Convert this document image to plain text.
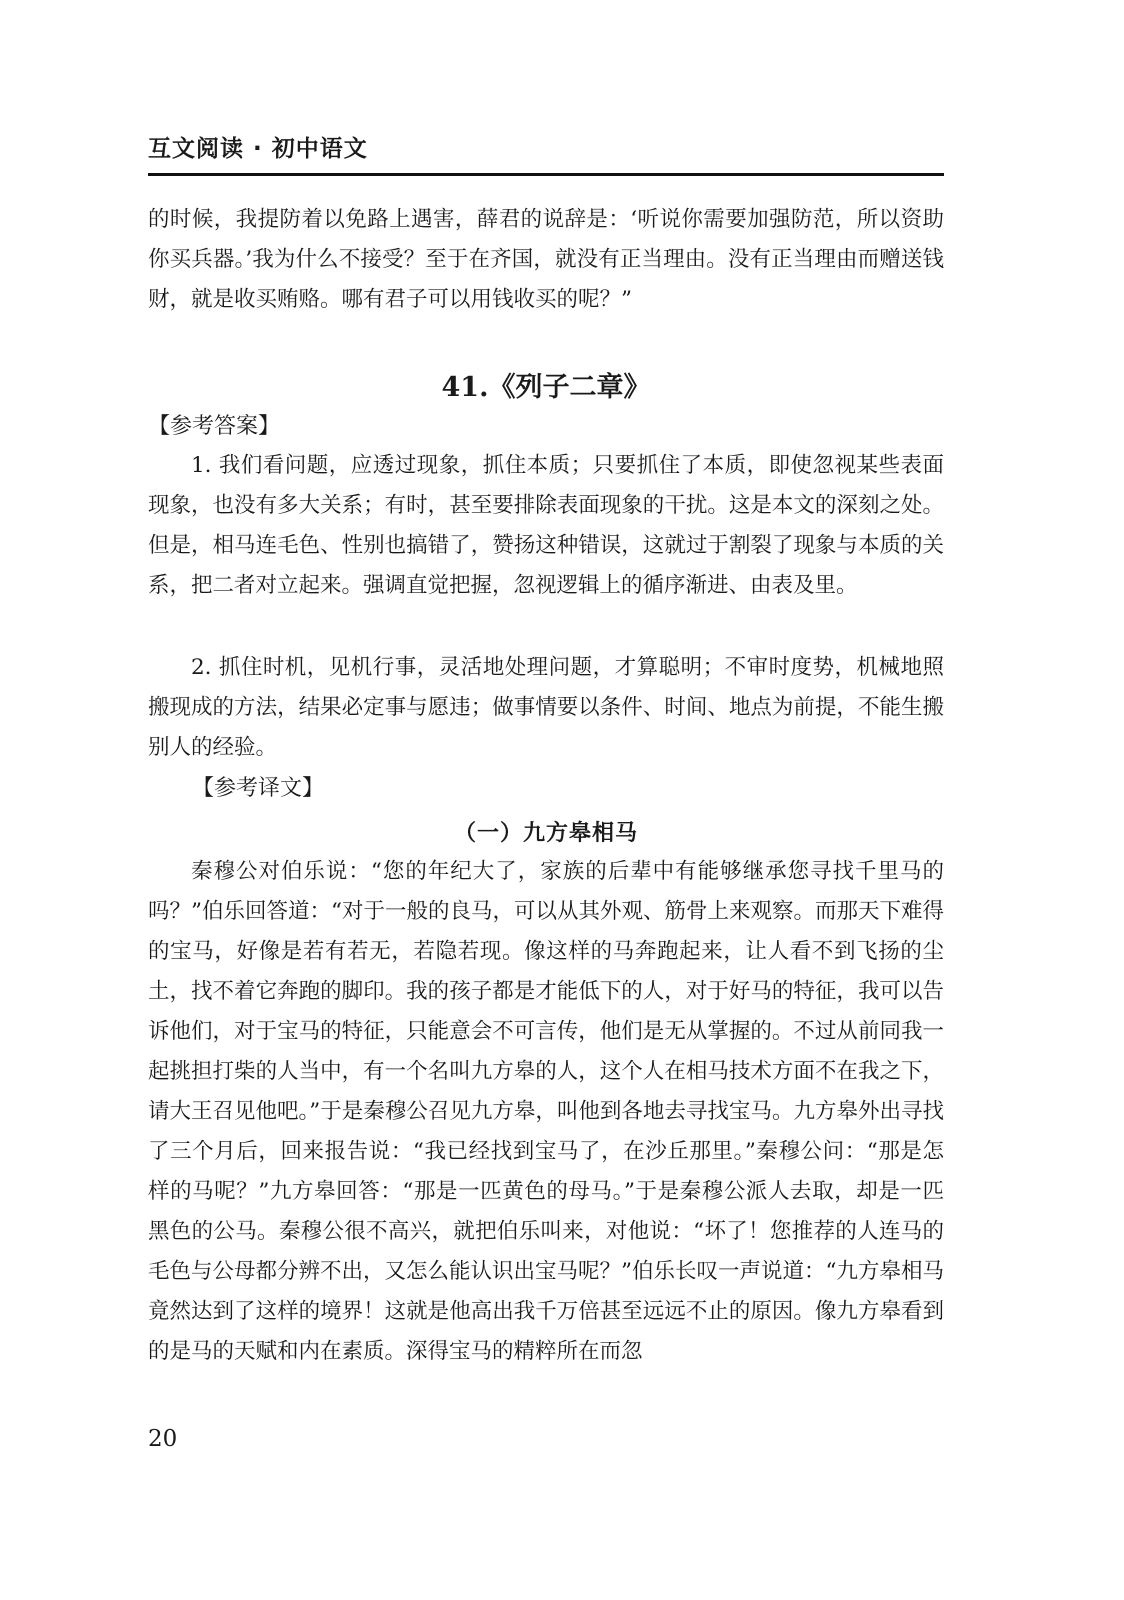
互文阅读 · 初中语文

的时候，我提防着以免路上遇害，薛君的说辞是：‘听说你需要加强防范，所以资助你买兵器。’我为什么不接受？至于在齐国，就没有正当理由。没有正当理由而赠送钱财，就是收买贿赂。哪有君子可以用钱收买的呢？”

41.《列子二章》
【参考答案】

1. 我们看问题，应透过现象，抓住本质；只要抓住了本质，即使忽视某些表面现象，也没有多大关系；有时，甚至要排除表面现象的干扰。这是本文的深刻之处。但是，相马连毛色、性别也搞错了，赞扬这种错误，这就过于割裂了现象与本质的关系，把二者对立起来。强调直觉把握，忽视逻辑上的循序渐进、由表及里。

2. 抓住时机，见机行事，灵活地处理问题，才算聪明；不审时度势，机械地照搬现成的方法，结果必定事与愿违；做事情要以条件、时间、地点为前提，不能生搬别人的经验。

【参考译文】
（一）九方皋相马

秦穆公对伯乐说：“您的年纪大了，家族的后辈中有能够继承您寻找千里马的吗？”伯乐回答道：“对于一般的良马，可以从其外观、筋骨上来观察。而那天下难得的宝马，好像是若有若无，若隐若现。像这样的马奔跑起来，让人看不到飞扬的尘土，找不着它奔跑的脚印。我的孩子都是才能低下的人，对于好马的特征，我可以告诉他们，对于宝马的特征，只能意会不可言传，他们是无从掌握的。不过从前同我一起挑担打柴的人当中，有一个名叫九方皋的人，这个人在相马技术方面不在我之下，请大王召见他吧。”于是秦穆公召见九方皋，叫他到各地去寻找宝马。九方皋外出寻找了三个月后，回来报告说：“我已经找到宝马了，在沙丘那里。”秦穆公问：“那是怎样的马呢？”九方皋回答：“那是一匹黄色的母马。”于是秦穆公派人去取，却是一匹黑色的公马。秦穆公很不高兴，就把伯乐叫来，对他说：“坏了！您推荐的人连马的毛色与公母都分辨不出，又怎么能认识出宝马呢？”伯乐长叹一声说道：“九方皋相马竟然达到了这样的境界！这就是他高出我千万倍甚至远远不止的原因。像九方皋看到的是马的天赋和内在素质。深得宝马的精粹所在而忽

20
